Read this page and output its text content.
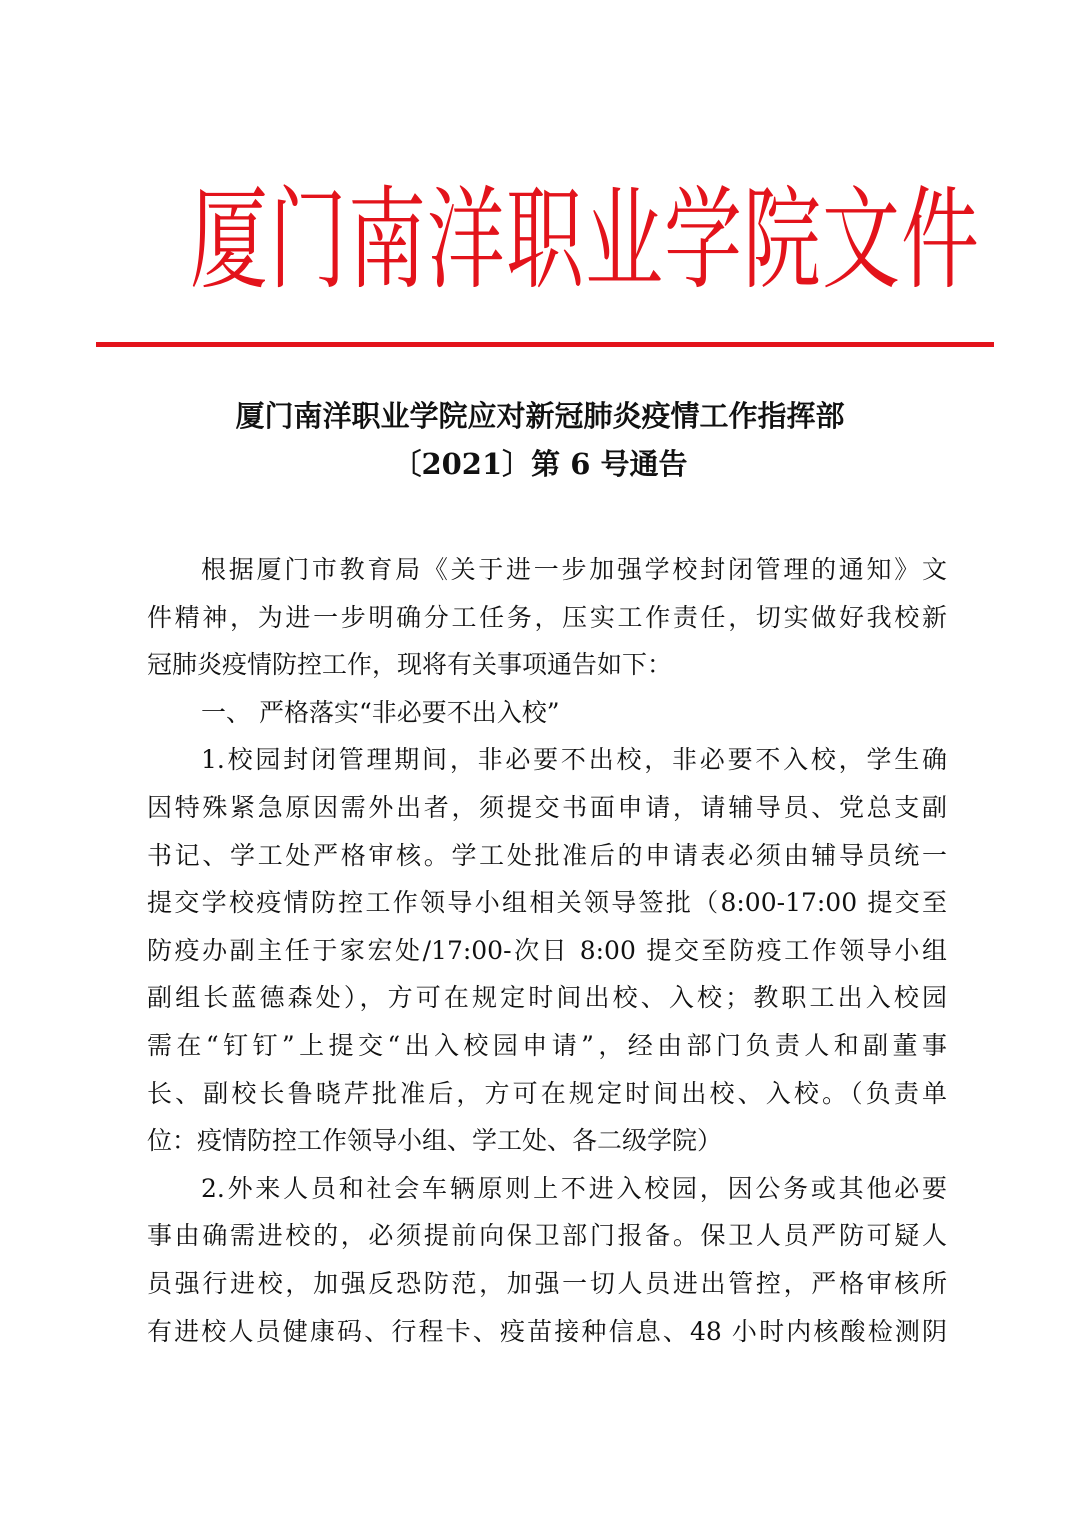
厦门南洋职业学院文件
厦门南洋职业学院应对新冠肺炎疫情工作指挥部
〔2021〕第 6 号通告

根据厦门市教育局《关于进一步加强学校封闭管理的通知》文
件精神，为进一步明确分工任务，压实工作责任，切实做好我校新
冠肺炎疫情防控工作，现将有关事项通告如下：

一、 严格落实“非必要不出入校”

1.校园封闭管理期间，非必要不出校，非必要不入校，学生确
因特殊紧急原因需外出者，须提交书面申请，请辅导员、党总支副
书记、学工处严格审核。学工处批准后的申请表必须由辅导员统一
提交学校疫情防控工作领导小组相关领导签批（8:00-17:00 提交至
防疫办副主任于家宏处/17:00-次日 8:00 提交至防疫工作领导小组
副组长蓝德森处），方可在规定时间出校、入校；教职工出入校园
需在“钉钉”上提交“出入校园申请”，经由部门负责人和副董事
长、副校长鲁晓芹批准后，方可在规定时间出校、入校。（负责单
位：疫情防控工作领导小组、学工处、各二级学院）

2.外来人员和社会车辆原则上不进入校园，因公务或其他必要
事由确需进校的，必须提前向保卫部门报备。保卫人员严防可疑人
员强行进校，加强反恐防范，加强一切人员进出管控，严格审核所
有进校人员健康码、行程卡、疫苗接种信息、48 小时内核酸检测阴
